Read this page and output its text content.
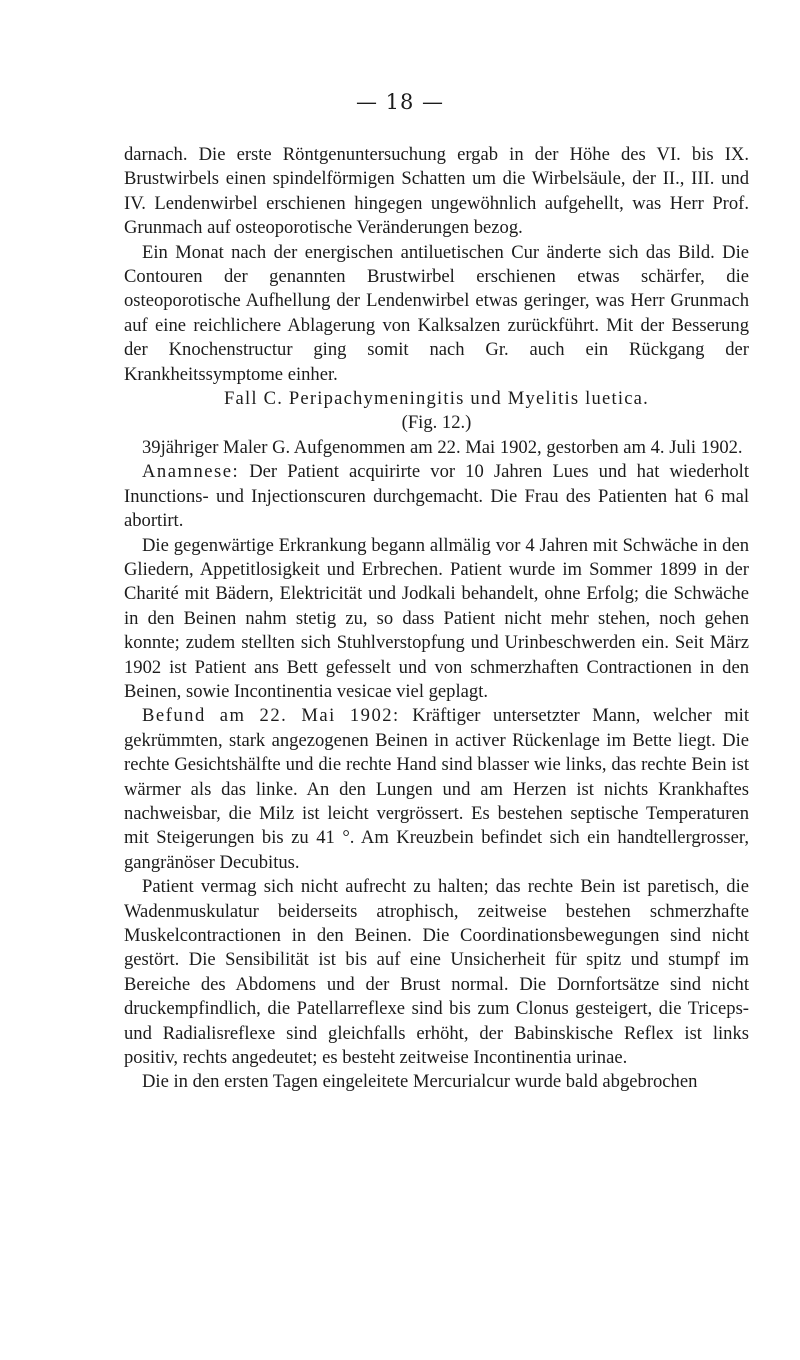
— 18 —

darnach. Die erste Röntgenuntersuchung ergab in der Höhe des VI. bis IX. Brustwirbels einen spindelförmigen Schatten um die Wirbelsäule, der II., III. und IV. Lendenwirbel erschienen hingegen ungewöhnlich aufgehellt, was Herr Prof. Grunmach auf osteoporotische Veränderungen bezog.

Ein Monat nach der energischen antiluetischen Cur änderte sich das Bild. Die Contouren der genannten Brustwirbel erschienen etwas schärfer, die osteoporotische Aufhellung der Lendenwirbel etwas geringer, was Herr Grunmach auf eine reichlichere Ablagerung von Kalksalzen zurückführt. Mit der Besserung der Knochenstructur ging somit nach Gr. auch ein Rückgang der Krankheitssymptome einher.

Fall C. Peripachymeningitis und Myelitis luetica.

(Fig. 12.)

39jähriger Maler G. Aufgenommen am 22. Mai 1902, gestorben am 4. Juli 1902.

Anamnese: Der Patient acquirirte vor 10 Jahren Lues und hat wiederholt Inunctions- und Injectionscuren durchgemacht. Die Frau des Patienten hat 6 mal abortirt.

Die gegenwärtige Erkrankung begann allmälig vor 4 Jahren mit Schwäche in den Gliedern, Appetitlosigkeit und Erbrechen. Patient wurde im Sommer 1899 in der Charité mit Bädern, Elektricität und Jodkali behandelt, ohne Erfolg; die Schwäche in den Beinen nahm stetig zu, so dass Patient nicht mehr stehen, noch gehen konnte; zudem stellten sich Stuhlverstopfung und Urinbeschwerden ein. Seit März 1902 ist Patient ans Bett gefesselt und von schmerzhaften Contractionen in den Beinen, sowie Incontinentia vesicae viel geplagt.

Befund am 22. Mai 1902: Kräftiger untersetzter Mann, welcher mit gekrümmten, stark angezogenen Beinen in activer Rückenlage im Bette liegt. Die rechte Gesichtshälfte und die rechte Hand sind blasser wie links, das rechte Bein ist wärmer als das linke. An den Lungen und am Herzen ist nichts Krankhaftes nachweisbar, die Milz ist leicht vergrössert. Es bestehen septische Temperaturen mit Steigerungen bis zu 41 °. Am Kreuzbein befindet sich ein handtellergrosser, gangränöser Decubitus.

Patient vermag sich nicht aufrecht zu halten; das rechte Bein ist paretisch, die Wadenmuskulatur beiderseits atrophisch, zeitweise bestehen schmerzhafte Muskelcontractionen in den Beinen. Die Coordinationsbewegungen sind nicht gestört. Die Sensibilität ist bis auf eine Unsicherheit für spitz und stumpf im Bereiche des Abdomens und der Brust normal. Die Dornfortsätze sind nicht druckempfindlich, die Patellarreflexe sind bis zum Clonus gesteigert, die Triceps- und Radialisreflexe sind gleichfalls erhöht, der Babinskische Reflex ist links positiv, rechts angedeutet; es besteht zeitweise Incontinentia urinae.

Die in den ersten Tagen eingeleitete Mercurialcur wurde bald abgebrochen
